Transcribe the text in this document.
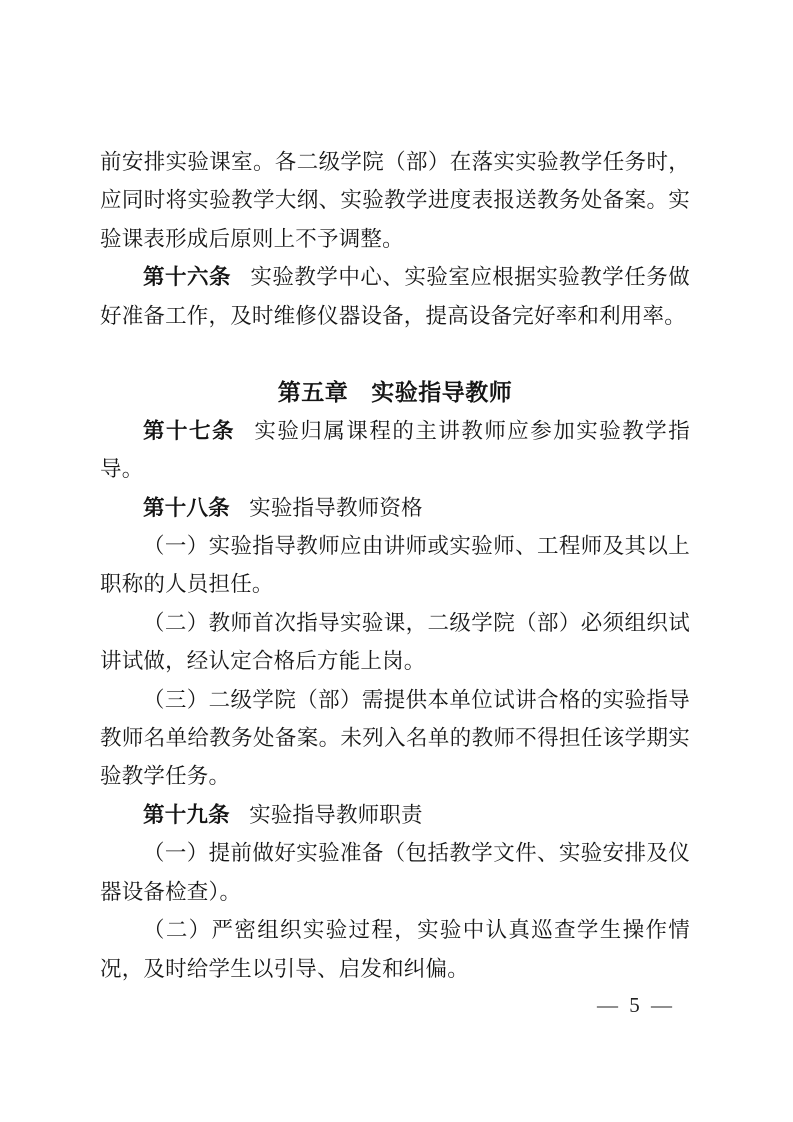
前安排实验课室。各二级学院（部）在落实实验教学任务时，应同时将实验教学大纲、实验教学进度表报送教务处备案。实验课表形成后原则上不予调整。

第十六条 实验教学中心、实验室应根据实验教学任务做好准备工作，及时维修仪器设备，提高设备完好率和利用率。

第五章 实验指导教师

第十七条 实验归属课程的主讲教师应参加实验教学指导。

第十八条 实验指导教师资格

（一）实验指导教师应由讲师或实验师、工程师及其以上职称的人员担任。

（二）教师首次指导实验课，二级学院（部）必须组织试讲试做，经认定合格后方能上岗。

（三）二级学院（部）需提供本单位试讲合格的实验指导教师名单给教务处备案。未列入名单的教师不得担任该学期实验教学任务。

第十九条 实验指导教师职责

（一）提前做好实验准备（包括教学文件、实验安排及仪器设备检查）。

（二）严密组织实验过程，实验中认真巡查学生操作情况，及时给学生以引导、启发和纠偏。

— 5 —
